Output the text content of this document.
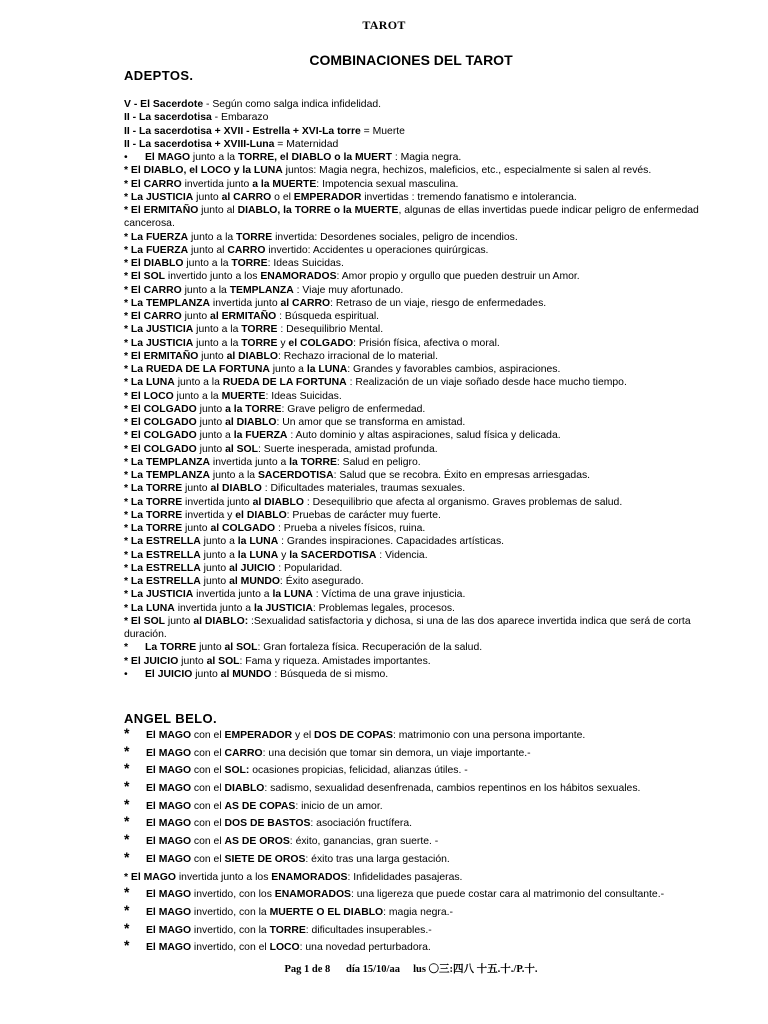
TAROT
COMBINACIONES DEL TAROT
ADEPTOS.
V - El Sacerdote - Según como salga indica infidelidad.
II - La sacerdotisa - Embarazo
II - La sacerdotisa + XVII - Estrella + XVI-La torre = Muerte
II - La sacerdotisa + XVIII-Luna = Maternidad
• El MAGO junto a la TORRE, el DIABLO o la MUERT : Magia negra.
* El DIABLO, el LOCO y la LUNA juntos: Magia negra, hechizos, maleficios, etc., especialmente si salen al revés.
* El CARRO invertida junto a la MUERTE: Impotencia sexual masculina.
* La JUSTICIA junto al CARRO o el EMPERADOR invertidas : tremendo fanatismo e intolerancia.
* El ERMITAÑO junto al DIABLO, la TORRE o la MUERTE, algunas de ellas invertidas puede indicar peligro de enfermedad cancerosa.
* La FUERZA junto a la TORRE invertida: Desordenes sociales, peligro de incendios.
* La FUERZA junto al CARRO invertido: Accidentes u operaciones quirúrgicas.
* El DIABLO junto a la TORRE: Ideas Suicidas.
* El SOL invertido junto a los ENAMORADOS: Amor propio y orgullo que pueden destruir un Amor.
* El CARRO junto a la TEMPLANZA : Viaje muy afortunado.
* La TEMPLANZA invertida junto al CARRO: Retraso de un viaje, riesgo de enfermedades.
* El CARRO junto al ERMITAÑO : Búsqueda espiritual.
* La JUSTICIA junto a la TORRE : Desequilibrio Mental.
* La JUSTICIA junto a la TORRE y el COLGADO: Prisión física, afectiva o moral.
* El ERMITAÑO junto al DIABLO: Rechazo irracional de lo material.
* La RUEDA DE LA FORTUNA junto a la LUNA: Grandes y favorables cambios, aspiraciones.
* La LUNA junto a la RUEDA DE LA FORTUNA : Realización de un viaje soñado desde hace mucho tiempo.
* El LOCO junto a la MUERTE: Ideas Suicidas.
* El COLGADO junto a la TORRE: Grave peligro de enfermedad.
* El COLGADO junto al DIABLO: Un amor que se transforma en amistad.
* El COLGADO junto a la FUERZA : Auto dominio y altas aspiraciones, salud física y delicada.
* El COLGADO junto al SOL: Suerte inesperada, amistad profunda.
* La TEMPLANZA invertida junto a la TORRE: Salud en peligro.
* La TEMPLANZA junto a la SACERDOTISA: Salud que se recobra. Éxito en empresas arriesgadas.
* La TORRE junto al DIABLO : Dificultades materiales, traumas sexuales.
* La TORRE invertida junto al DIABLO : Desequilibrio que afecta al organismo. Graves problemas de salud.
* La TORRE invertida y el DIABLO: Pruebas de carácter muy fuerte.
* La TORRE junto al COLGADO : Prueba a niveles físicos, ruina.
* La ESTRELLA junto a la LUNA : Grandes inspiraciones. Capacidades artísticas.
* La ESTRELLA junto a la LUNA y la SACERDOTISA : Videncia.
* La ESTRELLA junto al JUICIO : Popularidad.
* La ESTRELLA junto al MUNDO: Éxito asegurado.
* La JUSTICIA invertida junto a la LUNA : Víctima de una grave injusticia.
* La LUNA invertida junto a la JUSTICIA: Problemas legales, procesos.
* El SOL junto al DIABLO: :Sexualidad satisfactoria y dichosa, si una de las dos aparece invertida indica que será de corta duración.
* La TORRE junto al SOL: Gran fortaleza física. Recuperación de la salud.
* El JUICIO junto al SOL: Fama y riqueza. Amistades importantes.
• El JUICIO junto al MUNDO : Búsqueda de si mismo.
ANGEL BELO.
* El MAGO con el EMPERADOR y el DOS DE COPAS: matrimonio con una persona importante.
* El MAGO con el CARRO: una decisión que tomar sin demora, un viaje importante.-
* El MAGO con el SOL: ocasiones propicias, felicidad, alianzas útiles. -
* El MAGO con el DIABLO: sadismo, sexualidad desenfrenada, cambios repentinos en los hábitos sexuales.
* El MAGO con el AS DE COPAS: inicio de un amor.
* El MAGO con el DOS DE BASTOS: asociación fructífera.
* El MAGO con el AS DE OROS: éxito, ganancias, gran suerte. -
* El MAGO con el SIETE DE OROS: éxito tras una larga gestación.
* El MAGO invertida junto a los ENAMORADOS: Infidelidades pasajeras.
* El MAGO invertido, con los ENAMORADOS: una ligereza que puede costar cara al matrimonio del consultante.-
* El MAGO invertido, con la MUERTE O EL DIABLO: magia negra.-
* El MAGO invertido, con la TORRE: dificultades insuperables.-
* El MAGO invertido, con el LOCO: una novedad perturbadora.
Pag 1 de 8      día 15/10/aa     lus 〇三:四八 十五.十./P.十.
